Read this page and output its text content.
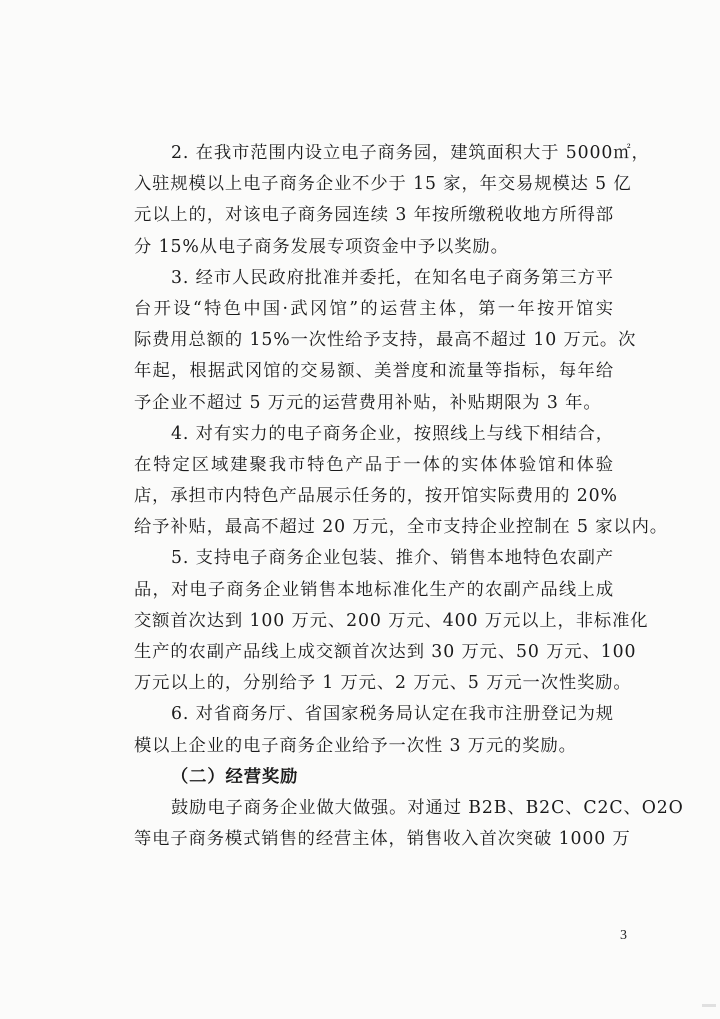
2. 在我市范围内设立电子商务园，建筑面积大于 5000㎡，
入驻规模以上电子商务企业不少于 15 家，年交易规模达 5 亿
元以上的，对该电子商务园连续 3 年按所缴税收地方所得部
分 15%从电子商务发展专项资金中予以奖励。
3. 经市人民政府批准并委托，在知名电子商务第三方平
台开设“特色中国·武冈馆”的运营主体，第一年按开馆实
际费用总额的 15%一次性给予支持，最高不超过 10 万元。次
年起，根据武冈馆的交易额、美誉度和流量等指标，每年给
予企业不超过 5 万元的运营费用补贴，补贴期限为 3 年。
4. 对有实力的电子商务企业，按照线上与线下相结合，
在特定区域建聚我市特色产品于一体的实体体验馆和体验
店，承担市内特色产品展示任务的，按开馆实际费用的 20%
给予补贴，最高不超过 20 万元，全市支持企业控制在 5 家以内。
5. 支持电子商务企业包装、推介、销售本地特色农副产
品，对电子商务企业销售本地标准化生产的农副产品线上成
交额首次达到 100 万元、200 万元、400 万元以上，非标准化
生产的农副产品线上成交额首次达到 30 万元、50 万元、100
万元以上的，分别给予 1 万元、2 万元、5 万元一次性奖励。
6. 对省商务厅、省国家税务局认定在我市注册登记为规
模以上企业的电子商务企业给予一次性 3 万元的奖励。
（二）经营奖励
鼓励电子商务企业做大做强。对通过 B2B、B2C、C2C、O2O
等电子商务模式销售的经营主体，销售收入首次突破 1000 万
3
